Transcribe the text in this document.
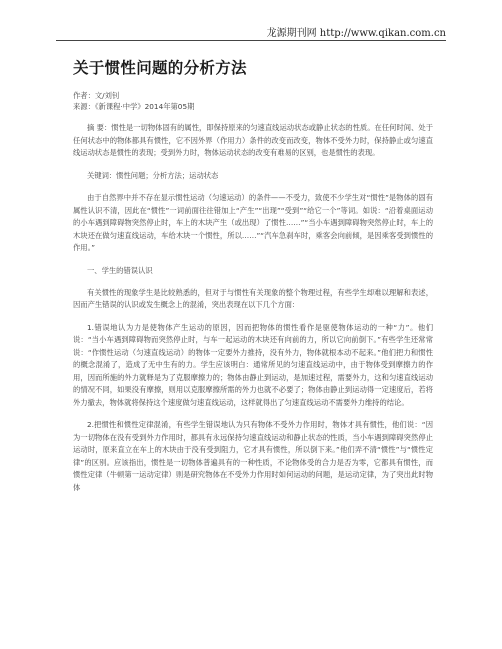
龙源期刊网 http://www.qikan.com.cn
关于惯性问题的分析方法
作者：文/刘钊
来源：《新课程·中学》2014年第05期

摘 要：惯性是一切物体固有的属性，即保持原来的匀速直线运动状态或静止状态的性质。在任何时间、处于任何状态中的物体都具有惯性，它不因外界（作用力）条件的改变而改变，物体不受外力时，保持静止或匀速直线运动状态是惯性的表现；受到外力时，物体运动状态的改变有难易的区别，也是惯性的表现。

关键词：惯性问题；分析方法；运动状态

由于自然界中并不存在显示惯性运动（匀速运动）的条件——不受力，致使不少学生对“惯性”是物体的固有属性认识不清，因此在“惯性”一词前面往往错加上“产生”“出现”“受到”“给它一个”等词。如说：“沿着桌面运动的小车遇到障碍物突然停止时，车上的木块产生（或出现）了惯性……”“当小车遇到障碍物突然停止时，车上的木块还在做匀速直线运动，车给木块一个惯性，所以……”“汽车急刹车时，乘客会向前倾，是因乘客受到惯性的作用。”

一、学生的错误认识

有关惯性的现象学生是比较熟悉的，但对于与惯性有关现象的整个物理过程，有些学生却难以理解和表述，因而产生错误的认识或发生概念上的混淆，突出表现在以下几个方面：

1.错误地认为力是使物体产生运动的原因，因而把物体的惯性看作是驱使物体运动的一种“力”。他们说：“当小车遇到障碍物而突然停止时，与车一起运动的木块还有向前的力，所以它向前倒下。”有些学生还常常说：“作惯性运动（匀速直线运动）的物体一定要外力推持，没有外力，物体就根本动不起来。”他们把力和惯性的概念混淆了，造成了无中生有的力。学生应该明白：通常所见的匀速直线运动中，由于物体受到摩擦力的作用，因而所施的外力就释是为了克服摩擦力的；物体由静止到运动，是加速过程，需要外力，这和匀速直线运动的情况不同，如果没有摩擦，则用以克服摩擦所需的外力也就不必要了；物体由静止到运动得一定速度后，若将外力撤去，物体就将保持这个速度做匀速直线运动，这样就得出了匀速直线运动不需要外力维持的结论。

2.把惯性和惯性定律混淆，有些学生错误地认为只有物体不受外力作用时，物体才具有惯性，他们说：“因为一切物体在没有受到外力作用时，都具有永远保持匀速直线运动和静止状态的性质，当小车遇到障碍突然停止运动时，原来直立在车上的木块由于没有受到阻力，它才具有惯性，所以倒下来。”他们弄不清“惯性”与“惯性定律”的区别。应该指出，惯性是一切物体普遍具有的一种性质，不论物体受的合力是否为零，它都具有惯性，而惯性定律（牛顿第一运动定律）则是研究物体在不受外力作用时如何运动的问题，是运动定律，为了突出此时物体
